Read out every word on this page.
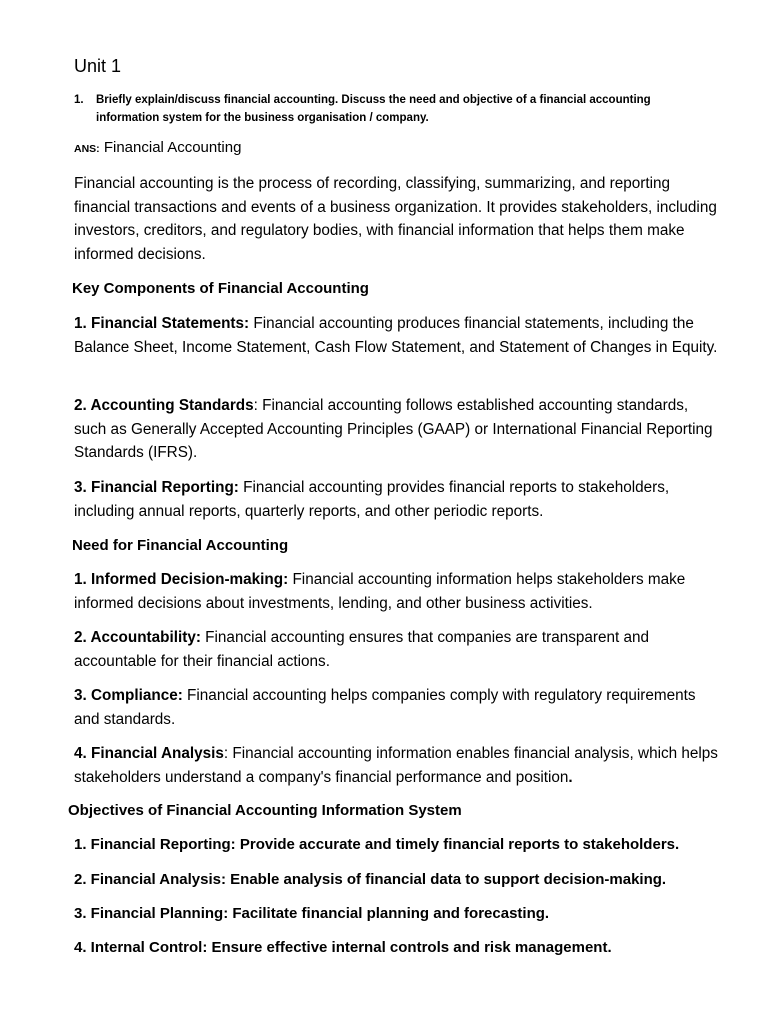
Unit 1
1. Briefly explain/discuss financial accounting. Discuss the need and objective of a financial accounting information system for the business organisation / company.
ANS: Financial Accounting
Financial accounting is the process of recording, classifying, summarizing, and reporting financial transactions and events of a business organization. It provides stakeholders, including investors, creditors, and regulatory bodies, with financial information that helps them make informed decisions.
Key Components of Financial Accounting
1. Financial Statements: Financial accounting produces financial statements, including the Balance Sheet, Income Statement, Cash Flow Statement, and Statement of Changes in Equity.
2. Accounting Standards: Financial accounting follows established accounting standards, such as Generally Accepted Accounting Principles (GAAP) or International Financial Reporting Standards (IFRS).
3. Financial Reporting: Financial accounting provides financial reports to stakeholders, including annual reports, quarterly reports, and other periodic reports.
Need for Financial Accounting
1. Informed Decision-making: Financial accounting information helps stakeholders make informed decisions about investments, lending, and other business activities.
2. Accountability: Financial accounting ensures that companies are transparent and accountable for their financial actions.
3. Compliance: Financial accounting helps companies comply with regulatory requirements and standards.
4. Financial Analysis: Financial accounting information enables financial analysis, which helps stakeholders understand a company's financial performance and position.
Objectives of Financial Accounting Information System
1. Financial Reporting: Provide accurate and timely financial reports to stakeholders.
2. Financial Analysis: Enable analysis of financial data to support decision-making.
3. Financial Planning: Facilitate financial planning and forecasting.
4. Internal Control: Ensure effective internal controls and risk management.
